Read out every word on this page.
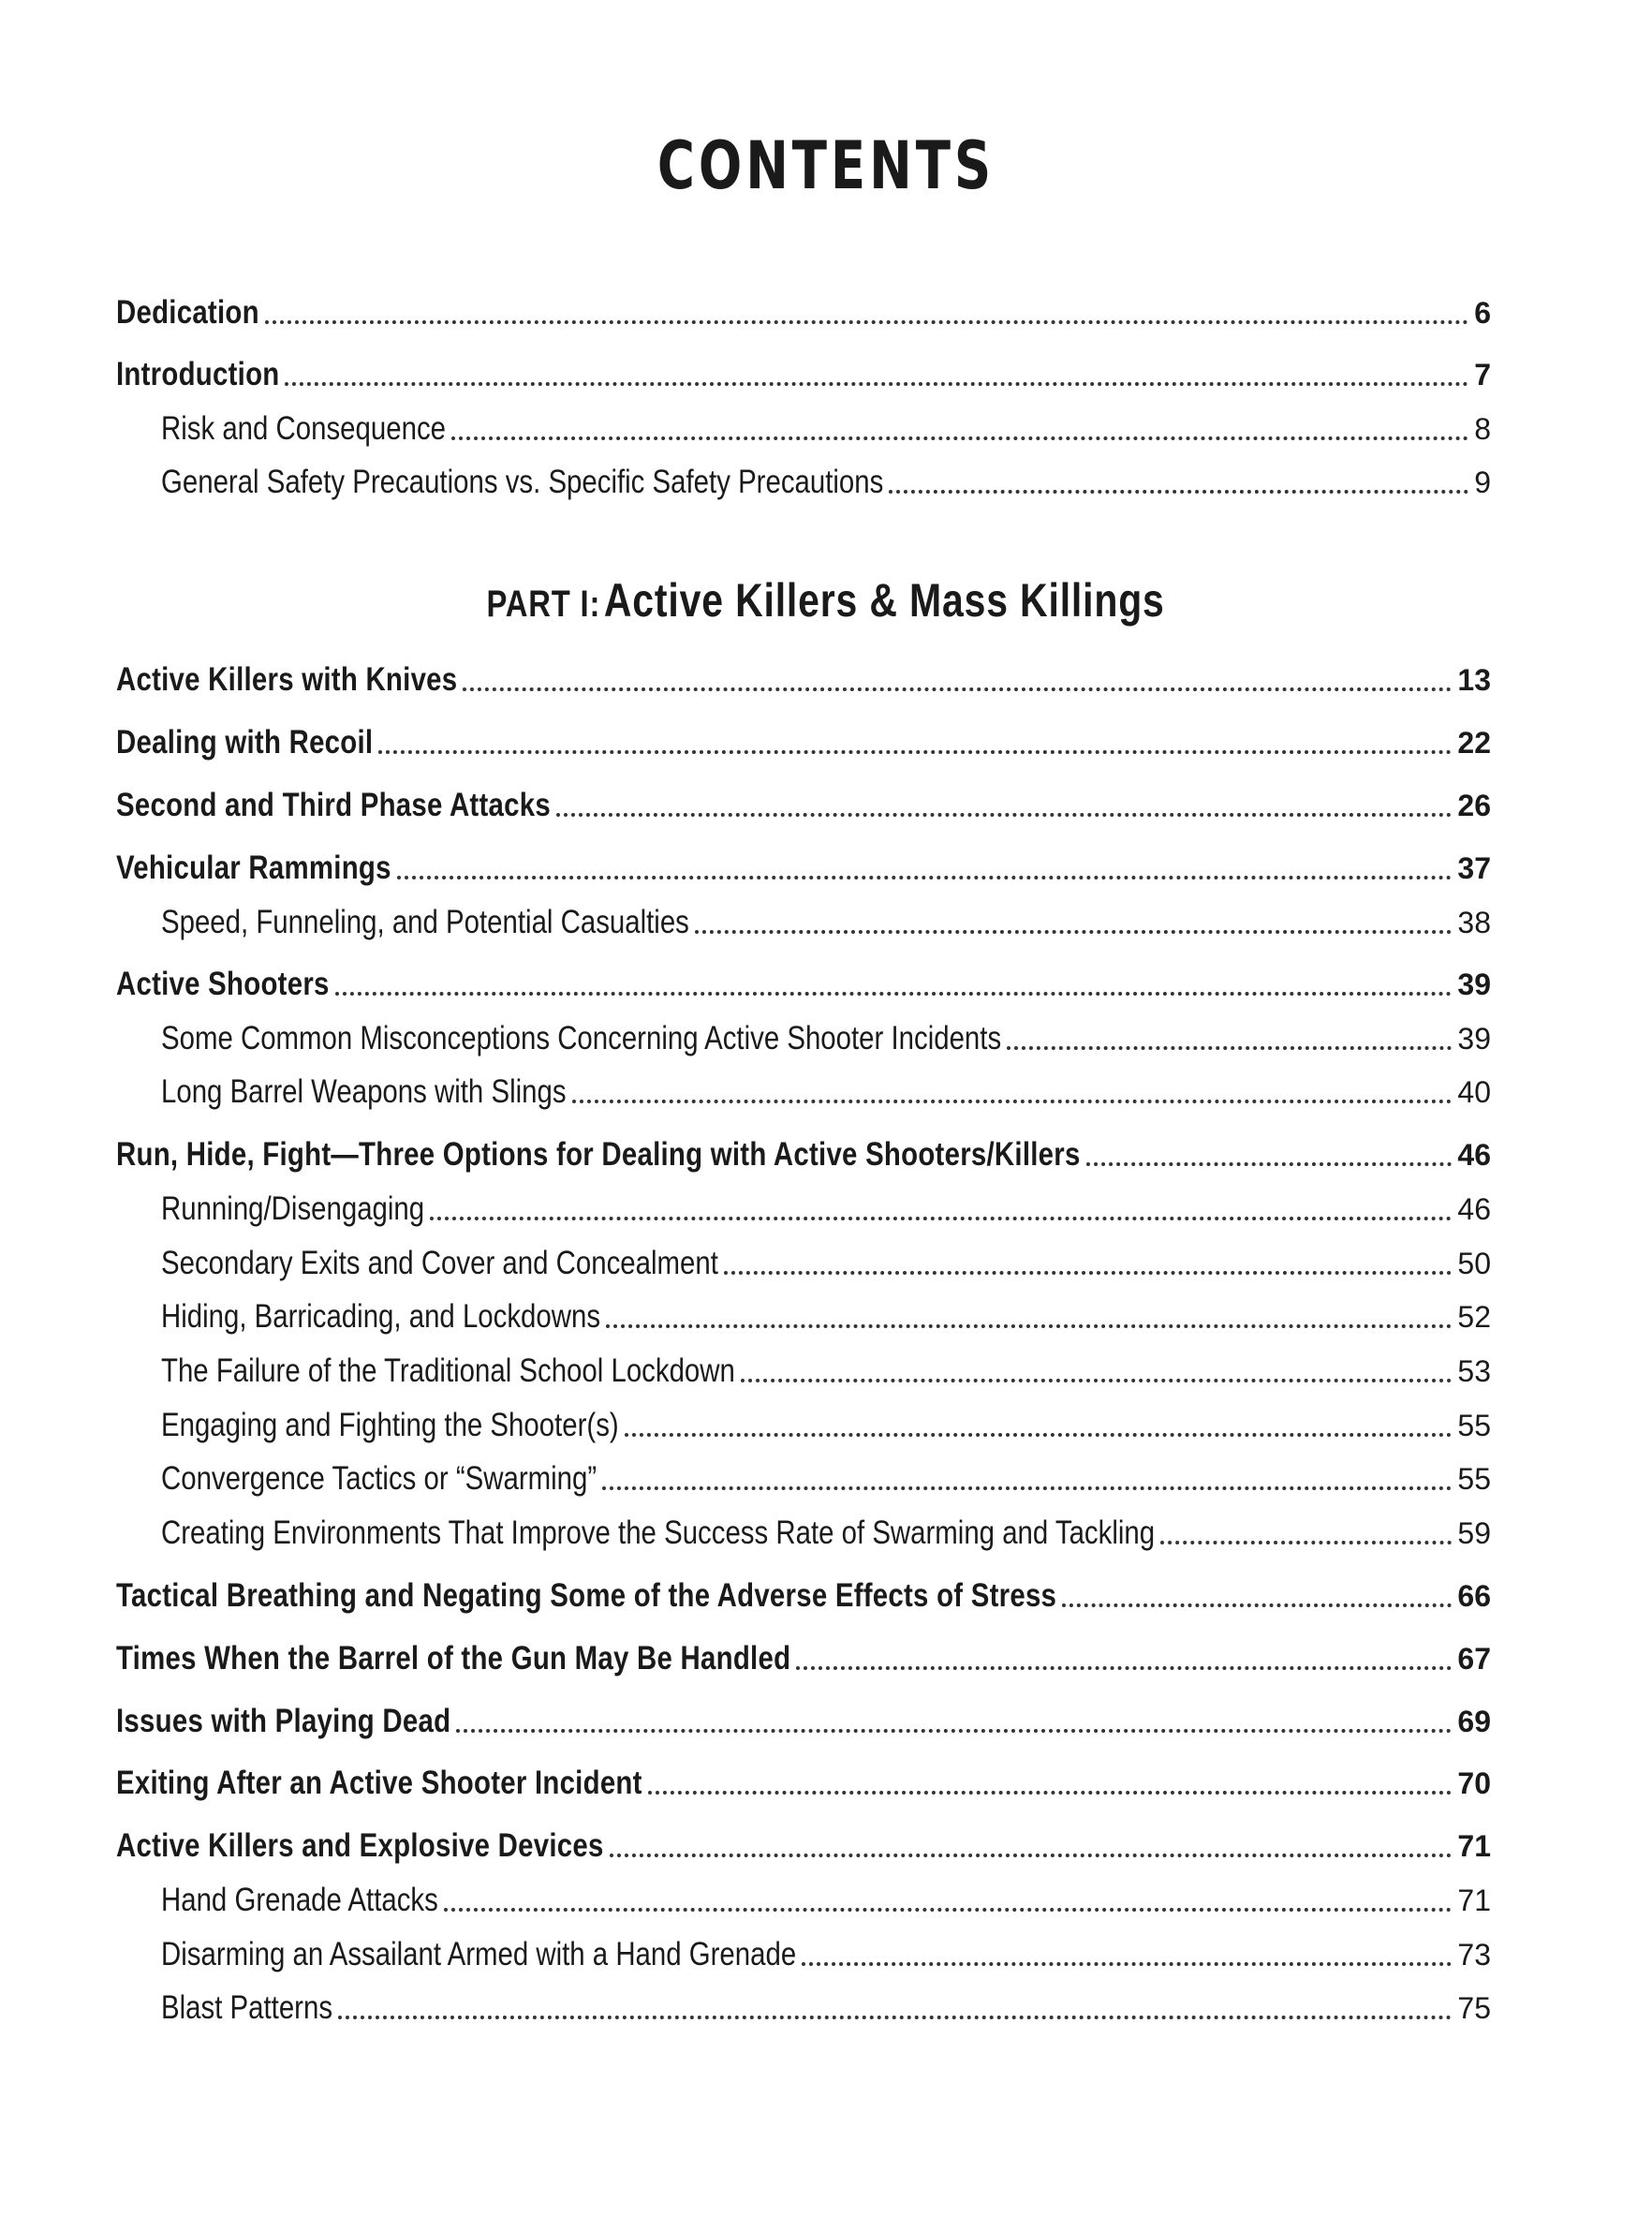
CONTENTS
Dedication	6
Introduction	7
Risk and Consequence	8
General Safety Precautions vs. Specific Safety Precautions	9
PART I: Active Killers & Mass Killings
Active Killers with Knives	13
Dealing with Recoil	22
Second and Third Phase Attacks	26
Vehicular Rammings	37
Speed, Funneling, and Potential Casualties	38
Active Shooters	39
Some Common Misconceptions Concerning Active Shooter Incidents	39
Long Barrel Weapons with Slings	40
Run, Hide, Fight—Three Options for Dealing with Active Shooters/Killers	46
Running/Disengaging	46
Secondary Exits and Cover and Concealment	50
Hiding, Barricading, and Lockdowns	52
The Failure of the Traditional School Lockdown	53
Engaging and Fighting the Shooter(s)	55
Convergence Tactics or “Swarming”	55
Creating Environments That Improve the Success Rate of Swarming and Tackling	59
Tactical Breathing and Negating Some of the Adverse Effects of Stress	66
Times When the Barrel of the Gun May Be Handled	67
Issues with Playing Dead	69
Exiting After an Active Shooter Incident	70
Active Killers and Explosive Devices	71
Hand Grenade Attacks	71
Disarming an Assailant Armed with a Hand Grenade	73
Blast Patterns	75
